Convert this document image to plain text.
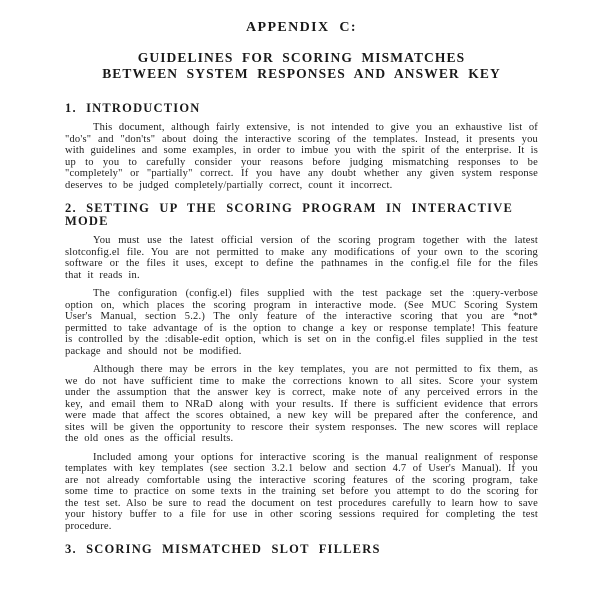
APPENDIX C:
GUIDELINES FOR SCORING MISMATCHES
BETWEEN SYSTEM RESPONSES AND ANSWER KEY
1. INTRODUCTION

This document, although fairly extensive, is not intended to give you an exhaustive list of "do's" and "don'ts" about doing the interactive scoring of the templates. Instead, it presents you with guidelines and some examples, in order to imbue you with the spirit of the enterprise. It is up to you to carefully consider your reasons before judging mismatching responses to be "completely" or "partially" correct. If you have any doubt whether any given system response deserves to be judged completely/partially correct, count it incorrect.

2. SETTING UP THE SCORING PROGRAM IN INTERACTIVE MODE

You must use the latest official version of the scoring program together with the latest slotconfig.el file. You are not permitted to make any modifications of your own to the scoring software or the files it uses, except to define the pathnames in the config.el file for the files that it reads in.

The configuration (config.el) files supplied with the test package set the :query-verbose option on, which places the scoring program in interactive mode. (See MUC Scoring System User's Manual, section 5.2.) The only feature of the interactive scoring that you are *not* permitted to take advantage of is the option to change a key or response template! This feature is controlled by the :disable-edit option, which is set on in the config.el files supplied in the test package and should not be modified.

Although there may be errors in the key templates, you are not permitted to fix them, as we do not have sufficient time to make the corrections known to all sites. Score your system under the assumption that the answer key is correct, make note of any perceived errors in the key, and email them to NRaD along with your results. If there is sufficient evidence that errors were made that affect the scores obtained, a new key will be prepared after the conference, and sites will be given the opportunity to rescore their system responses. The new scores will replace the old ones as the official results.

Included among your options for interactive scoring is the manual realignment of response templates with key templates (see section 3.2.1 below and section 4.7 of User's Manual). If you are not already comfortable using the interactive scoring features of the scoring program, take some time to practice on some texts in the training set before you attempt to do the scoring for the test set. Also be sure to read the document on test procedures carefully to learn how to save your history buffer to a file for use in other scoring sessions required for completing the test procedure.

3. SCORING MISMATCHED SLOT FILLERS
